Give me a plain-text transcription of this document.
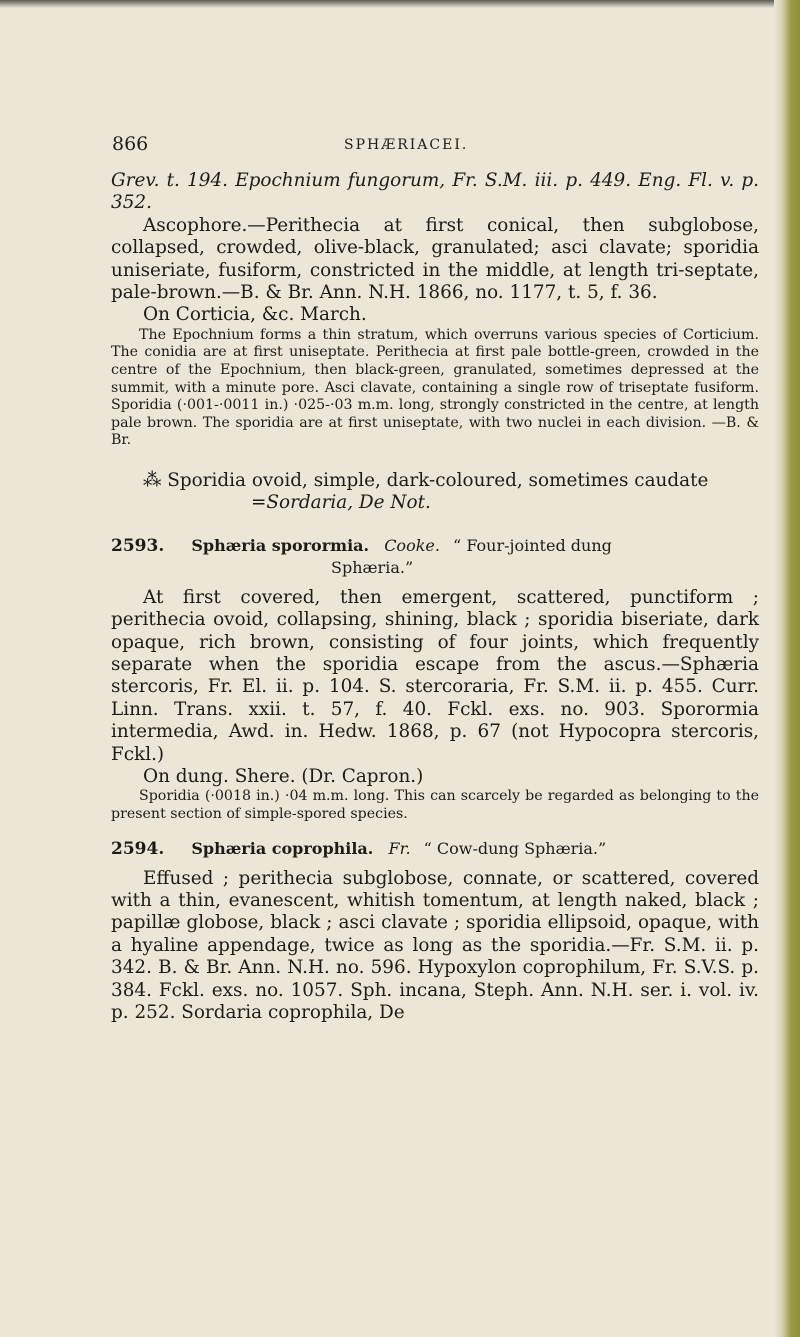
866	SPHÆRIACEI.

Grev. t. 194. Epochnium fungorum, Fr. S.M. iii. p. 449. Eng. Fl. v. p. 352.

Ascophore.—Perithecia at first conical, then subglobose, collapsed, crowded, olive-black, granulated; asci clavate; sporidia uniseriate, fusiform, constricted in the middle, at length tri-septate, pale-brown.—B. & Br. Ann. N.H. 1866, no. 1177, t. 5, f. 36.

On Corticia, &c. March.

The Epochnium forms a thin stratum, which overruns various species of Corticium. The conidia are at first uniseptate. Perithecia at first pale bottle-green, crowded in the centre of the Epochnium, then black-green, granulated, sometimes depressed at the summit, with a minute pore. Asci clavate, containing a single row of triseptate fusiform. Sporidia (·001-·0011 in.) ·025-·03 m.m. long, strongly constricted in the centre, at length pale brown. The sporidia are at first uniseptate, with two nuclei in each division. —B. & Br.

⁂ Sporidia ovoid, simple, dark-coloured, sometimes caudate

=Sordaria, De Not.

2593. Sphæria sporormia. Cooke. “ Four-jointed dung

Sphæria.”

At first covered, then emergent, scattered, punctiform ; perithecia ovoid, collapsing, shining, black ; sporidia biseriate, dark opaque, rich brown, consisting of four joints, which frequently separate when the sporidia escape from the ascus.—Sphæria stercoris, Fr. El. ii. p. 104. S. stercoraria, Fr. S.M. ii. p. 455. Curr. Linn. Trans. xxii. t. 57, f. 40. Fckl. exs. no. 903. Sporormia intermedia, Awd. in. Hedw. 1868, p. 67 (not Hypocopra stercoris, Fckl.)

On dung. Shere. (Dr. Capron.)

Sporidia (·0018 in.) ·04 m.m. long. This can scarcely be regarded as belonging to the present section of simple-spored species.

2594. Sphæria coprophila. Fr. “ Cow-dung Sphæria.”

Effused ; perithecia subglobose, connate, or scattered, covered with a thin, evanescent, whitish tomentum, at length naked, black ; papillæ globose, black ; asci clavate ; sporidia ellipsoid, opaque, with a hyaline appendage, twice as long as the sporidia.—Fr. S.M. ii. p. 342. B. & Br. Ann. N.H. no. 596. Hypoxylon coprophilum, Fr. S.V.S. p. 384. Fckl. exs. no. 1057. Sph. incana, Steph. Ann. N.H. ser. i. vol. iv. p. 252. Sordaria coprophila, De
